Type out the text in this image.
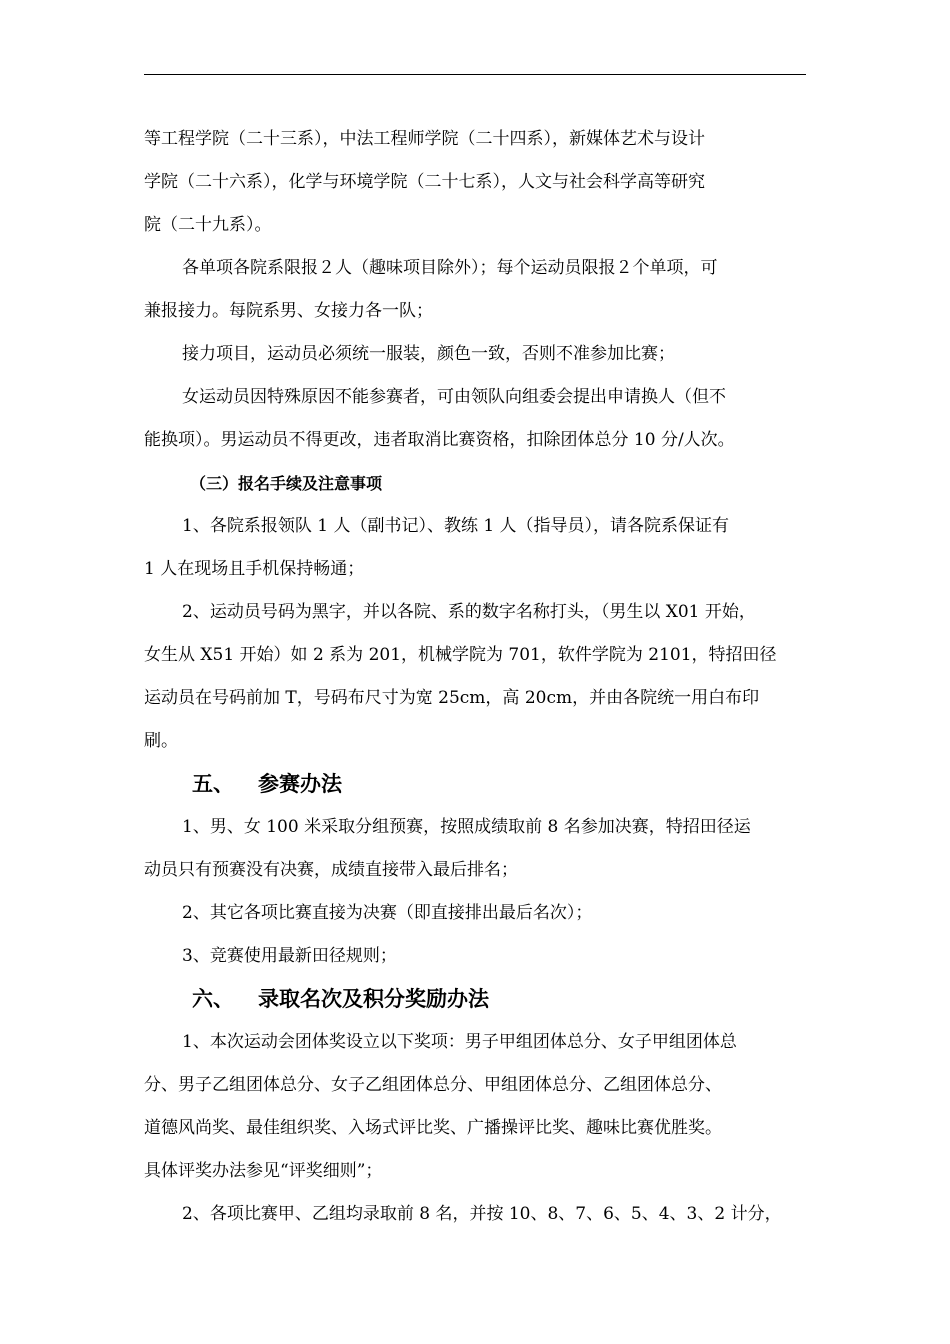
等工程学院（二十三系），中法工程师学院（二十四系），新媒体艺术与设计

学院（二十六系），化学与环境学院（二十七系），人文与社会科学高等研究

院（二十九系）。

各单项各院系限报２人（趣味项目除外）；每个运动员限报２个单项，可

兼报接力。每院系男、女接力各一队；

接力项目，运动员必须统一服装，颜色一致，否则不准参加比赛；

女运动员因特殊原因不能参赛者，可由领队向组委会提出申请换人（但不

能换项）。男运动员不得更改，违者取消比赛资格，扣除团体总分 10 分/人次。

（三）报名手续及注意事项

1、各院系报领队 1 人（副书记）、教练 1 人（指导员），请各院系保证有

1 人在现场且手机保持畅通；

2、运动员号码为黑字，并以各院、系的数字名称打头，（男生以 X01 开始，

女生从 X51 开始）如 2 系为 201，机械学院为 701，软件学院为 2101，特招田径

运动员在号码前加 T，号码布尺寸为宽 25cm，高 20cm，并由各院统一用白布印

刷。

五、 参赛办法

1、男、女 100 米采取分组预赛，按照成绩取前 8 名参加决赛，特招田径运

动员只有预赛没有决赛，成绩直接带入最后排名；

2、其它各项比赛直接为决赛（即直接排出最后名次）；

3、竞赛使用最新田径规则；

六、 录取名次及积分奖励办法

1、本次运动会团体奖设立以下奖项：男子甲组团体总分、女子甲组团体总

分、男子乙组团体总分、女子乙组团体总分、甲组团体总分、乙组团体总分、

道德风尚奖、最佳组织奖、入场式评比奖、广播操评比奖、趣味比赛优胜奖。

具体评奖办法参见“评奖细则”；

2、各项比赛甲、乙组均录取前 8 名，并按 10、8、7、6、5、4、3、2 计分，
